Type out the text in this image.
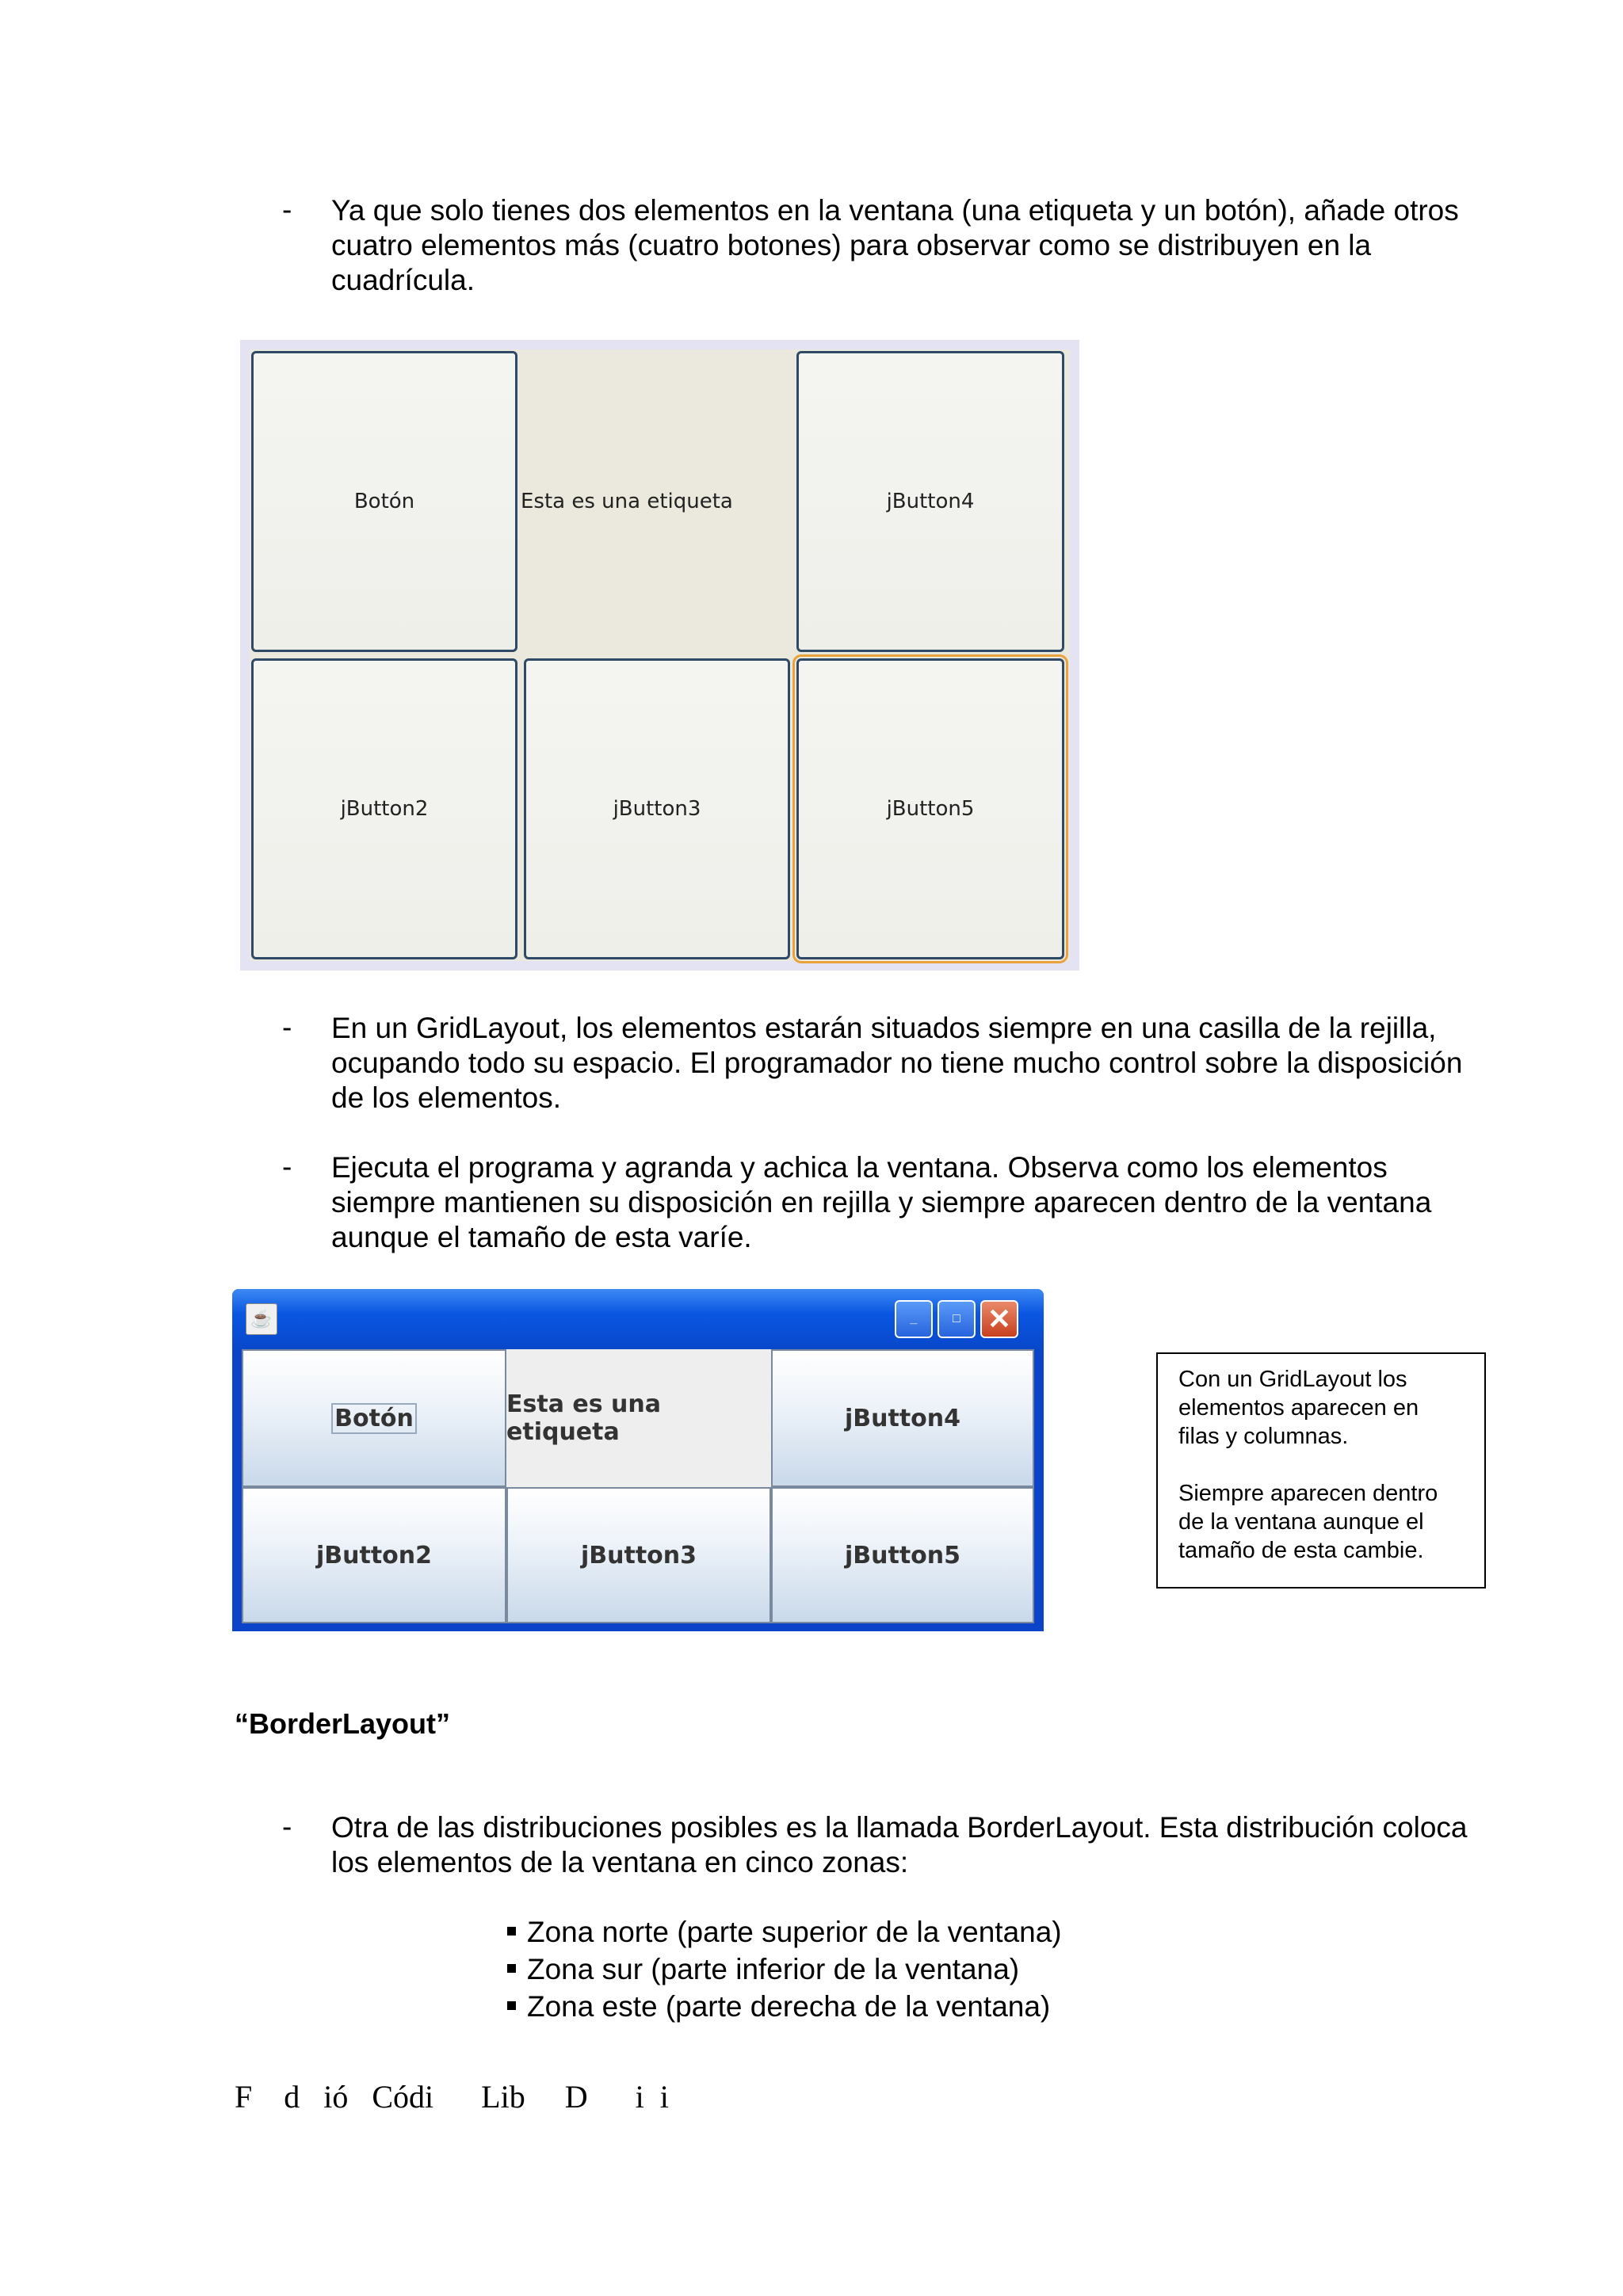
- Ya que solo tienes dos elementos en la ventana (una etiqueta y un botón), añade otros cuatro elementos más (cuatro botones) para observar como se distribuyen en la cuadrícula.
Botón	Esta es una etiqueta	jButton4
jButton2	jButton3	jButton5
- En un GridLayout, los elementos estarán situados siempre en una casilla de la rejilla, ocupando todo su espacio. El programador no tiene mucho control sobre la disposición de los elementos.
- Ejecuta el programa y agranda y achica la ventana. Observa como los elementos siempre mantienen su disposición en rejilla y siempre aparecen dentro de la ventana aunque el tamaño de esta varíe.
☕	_	□ ✕
Botón	Esta es una etiqueta	jButton4
jButton2	jButton3	jButton5

Con un GridLayout los elementos aparecen en filas y columnas.

Siempre aparecen dentro de la ventana aunque el tamaño de esta cambie.

“BorderLayout”
- Otra de las distribuciones posibles es la llamada BorderLayout. Esta distribución coloca los elementos de la ventana en cinco zonas:
Zona norte (parte superior de la ventana)
Zona sur (parte inferior de la ventana)
Zona este (parte derecha de la ventana)
F    d   ió   Códi      Lib     D      i  i
